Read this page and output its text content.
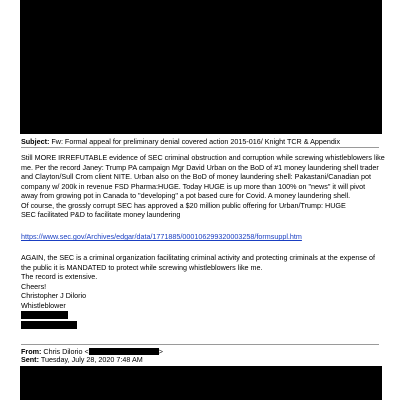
Subject: Fw: Formal appeal for preliminary denial covered action 2015-016/ Knight TCR & Appendix
Still MORE IRREFUTABLE evidence of SEC criminal obstruction and corruption while screwing whistleblowers like
me. Per the record Janey: Trump PA campaign Mgr David Urban on the BoD of #1 money laundering shell trader
and Clayton/Sull Crom client NITE. Urban also on the BoD of money laundering shell: Pakastani/Canadian pot
company w/ 200k in revenue FSD Pharma:HUGE. Today HUGE is up more than 100% on "news" it will pivot
away from growing pot in Canada to "developing" a pot based cure for Covid. A money laundering shell.
Of course, the grossly corrupt SEC has approved a $20 million public offering for Urban/Trump: HUGE
SEC facilitated P&D to facilitate money laundering
https://www.sec.gov/Archives/edgar/data/1771885/000106299320003258/formsuppl.htm
AGAIN, the SEC is a criminal organization facilitating criminal activity and protecting criminals at the expense of
the public it is MANDATED to protect while screwing whistleblowers like me.
The record is extensive.
Cheers!
Christopher J Dilorio
Whistleblower
From: Chris Dilorio <	>
Sent: Tuesday, July 28, 2020 7:48 AM
